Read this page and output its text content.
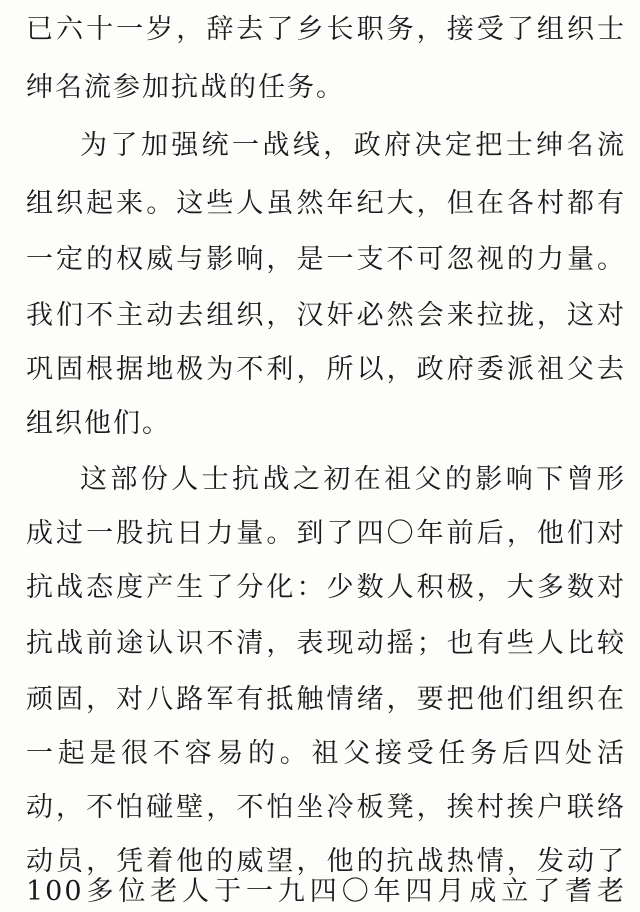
已六十一岁，辞去了乡长职务，接受了组织士
绅名流参加抗战的任务。
为了加强统一战线，政府决定把士绅名流
组织起来。这些人虽然年纪大，但在各村都有
一定的权威与影响，是一支不可忽视的力量。
我们不主动去组织，汉奸必然会来拉拢，这对
巩固根据地极为不利，所以，政府委派祖父去
组织他们。
这部份人士抗战之初在祖父的影响下曾形
成过一股抗日力量。到了四〇年前后，他们对
抗战态度产生了分化：少数人积极，大多数对
抗战前途认识不清，表现动摇；也有些人比较
顽固，对八路军有抵触情绪，要把他们组织在
一起是很不容易的。祖父接受任务后四处活
动，不怕碰壁，不怕坐冷板凳，挨村挨户联络
动员，凭着他的威望，他的抗战热情，发动了
100多位老人于一九四〇年四月成立了耆老
